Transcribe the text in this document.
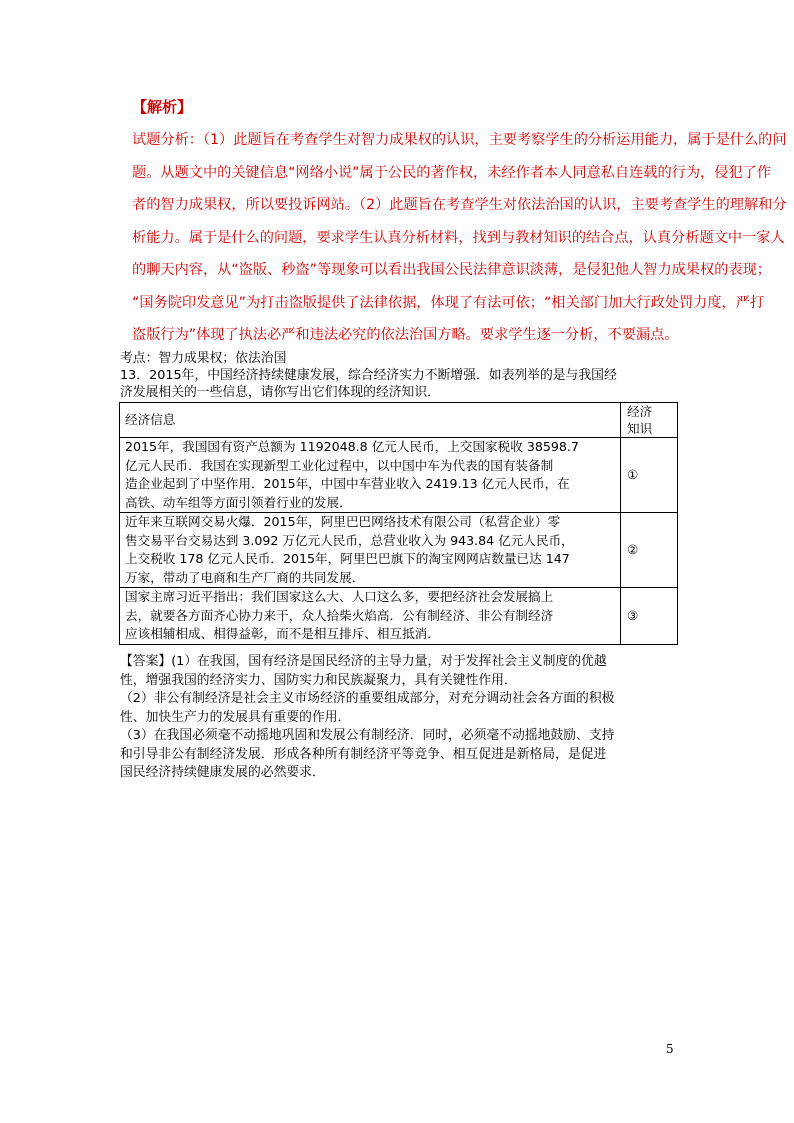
【解析】
试题分析：（1）此题旨在考查学生对智力成果权的认识，主要考察学生的分析运用能力，属于是什么的问
题。从题文中的关键信息“网络小说”属于公民的著作权，未经作者本人同意私自连载的行为，侵犯了作
者的智力成果权，所以要投诉网站。（2）此题旨在考查学生对依法治国的认识，主要考查学生的理解和分
析能力。属于是什么的问题，要求学生认真分析材料，找到与教材知识的结合点，认真分析题文中一家人
的聊天内容，从“盗版、秒盗”等现象可以看出我国公民法律意识淡薄，是侵犯他人智力成果权的表现；
“国务院印发意见”为打击盗版提供了法律依据，体现了有法可依；“相关部门加大行政处罚力度，严打
盗版行为”体现了执法必严和违法必究的依法治国方略。要求学生逐一分析，不要漏点。
考点：智力成果权；依法治国
13．2015年，中国经济持续健康发展，综合经济实力不断增强．如表列举的是与我国经
济发展相关的一些信息，请你写出它们体现的经济知识．
经济信息	经济
知识

2015年，我国国有资产总额为 1192048.8 亿元人民币，上交国家税收 38598.7
亿元人民币．我国在实现新型工业化过程中，以中国中车为代表的国有装备制
造企业起到了中坚作用．2015年，中国中车营业收入 2419.13 亿元人民币，在
高铁、动车组等方面引领着行业的发展．	①

近年来互联网交易火爆．2015年，阿里巴巴网络技术有限公司（私营企业）零
售交易平台交易达到 3.092 万亿元人民币，总营业收入为 943.84 亿元人民币，
上交税收 178 亿元人民币．2015年，阿里巴巴旗下的淘宝网网店数量已达 147
万家，带动了电商和生产厂商的共同发展．	②

国家主席习近平指出：我们国家这么大、人口这么多，要把经济社会发展搞上
去，就要各方面齐心协力来干，众人拾柴火焰高．公有制经济、非公有制经济
应该相辅相成、相得益彰，而不是相互排斥、相互抵消．	③
【答案】(1）在我国，国有经济是国民经济的主导力量，对于发挥社会主义制度的优越
性，增强我国的经济实力、国防实力和民族凝聚力，具有关键性作用．
（2）非公有制经济是社会主义市场经济的重要组成部分，对充分调动社会各方面的积极
性、加快生产力的发展具有重要的作用．
（3）在我国必须毫不动摇地巩固和发展公有制经济．同时，必须毫不动摇地鼓励、支持
和引导非公有制经济发展．形成各种所有制经济平等竞争、相互促进是新格局，是促进
国民经济持续健康发展的必然要求．
5
